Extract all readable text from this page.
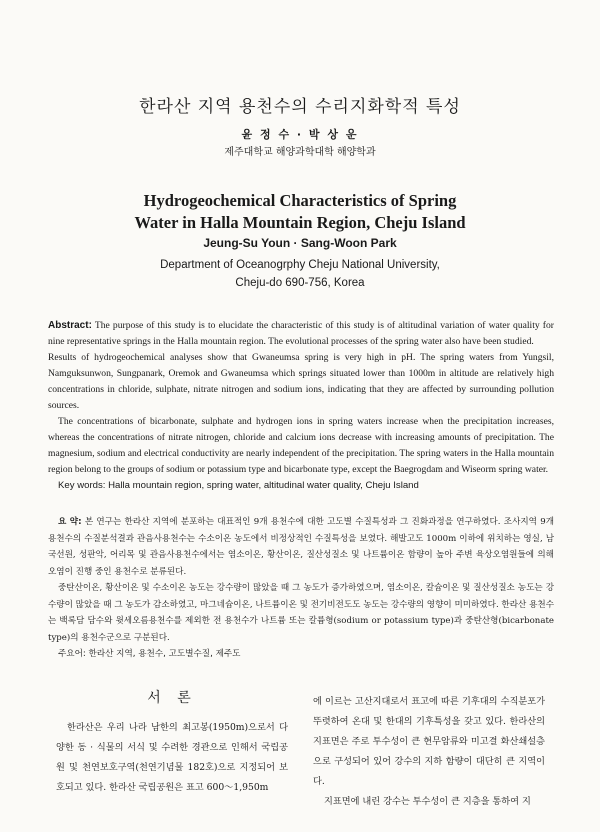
한라산 지역 용천수의 수리지화학적 특성
윤 정 수 · 박 상 운
제주대학교 해양과학대학 해양학과
Hydrogeochemical Characteristics of Spring
Water in Halla Mountain Region, Cheju Island
Jeung-Su Youn · Sang-Woon Park
Department of Oceanogrphy Cheju National University,
Cheju-do 690-756, Korea

Abstract: The purpose of this study is to elucidate the characteristic of this study is of altitudinal variation of water quality for nine representative springs in the Halla mountain region. The evolutional processes of the spring water also have been studied.

Results of hydrogeochemical analyses show that Gwaneumsa spring is very high in pH. The spring waters from Yungsil, Namguksunwon, Sungpanark, Oremok and Gwaneumsa which springs situated lower than 1000m in altitude are relatively high concentrations in chloride, sulphate, nitrate nitrogen and sodium ions, indicating that they are affected by surrounding pollution sources.

The concentrations of bicarbonate, sulphate and hydrogen ions in spring waters increase when the precipitation increases, whereas the concentrations of nitrate nitrogen, chloride and calcium ions decrease with increasing amounts of precipitation. The magnesium, sodium and electrical conductivity are nearly independent of the precipitation. The spring waters in the Halla mountain region belong to the groups of sodium or potassium type and bicarbonate type, except the Baegrogdam and Wiseorm spring water.

Key words: Halla mountain region, spring water, altitudinal water quality, Cheju Island

요 약: 본 연구는 한라산 지역에 분포하는 대표적인 9개 용천수에 대한 고도별 수질특성과 그 진화과정을 연구하였다. 조사지역 9개 용천수의 수질분석결과 관음사용천수는 수소이온 농도에서 비정상적인 수질특성을 보였다. 해발고도 1000m 이하에 위치하는 영실, 남국선원, 성판악, 어리목 및 관음사용천수에서는 염소이온, 황산이온, 질산성질소 및 나트륨이온 함량이 높아 주변 육상오염원들에 의해 오염이 진행 중인 용천수로 분류된다.

중탄산이온, 황산이온 및 수소이온 농도는 강수량이 많았을 때 그 농도가 증가하였으며, 염소이온, 칼슘이온 및 질산성질소 농도는 강수량이 많았을 때 그 농도가 감소하였고, 마그네슘이온, 나트륨이온 및 전기비전도도 농도는 강수량의 영향이 미미하였다. 한라산 용천수는 백록담 담수와 윗세오름용천수를 제외한 전 용천수가 나트륨 또는 칼륨형(sodium or potassium type)과 중탄산형(bicarbonate type)의 용천수군으로 구분된다.

주요어: 한라산 지역, 용천수, 고도별수질, 제주도

서 론

한라산은 우리 나라 남한의 최고봉(1950m)으로서 다양한 동 · 식물의 서식 및 수려한 경관으로 인해서 국립공원 및 천연보호구역(천연기념물 182호)으로 지정되어 보호되고 있다. 한라산 국립공원은 표고 600～1,950m

에 이르는 고산지대로서 표고에 따른 기후대의 수직분포가 뚜렷하여 온대 및 한대의 기후특성을 갖고 있다. 한라산의 지표면은 주로 투수성이 큰 현무암류와 미고결 화산쇄설층으로 구성되어 있어 강수의 지하 함량이 대단히 큰 지역이다.

지표면에 내린 강수는 투수성이 큰 지층을 통하여 지
